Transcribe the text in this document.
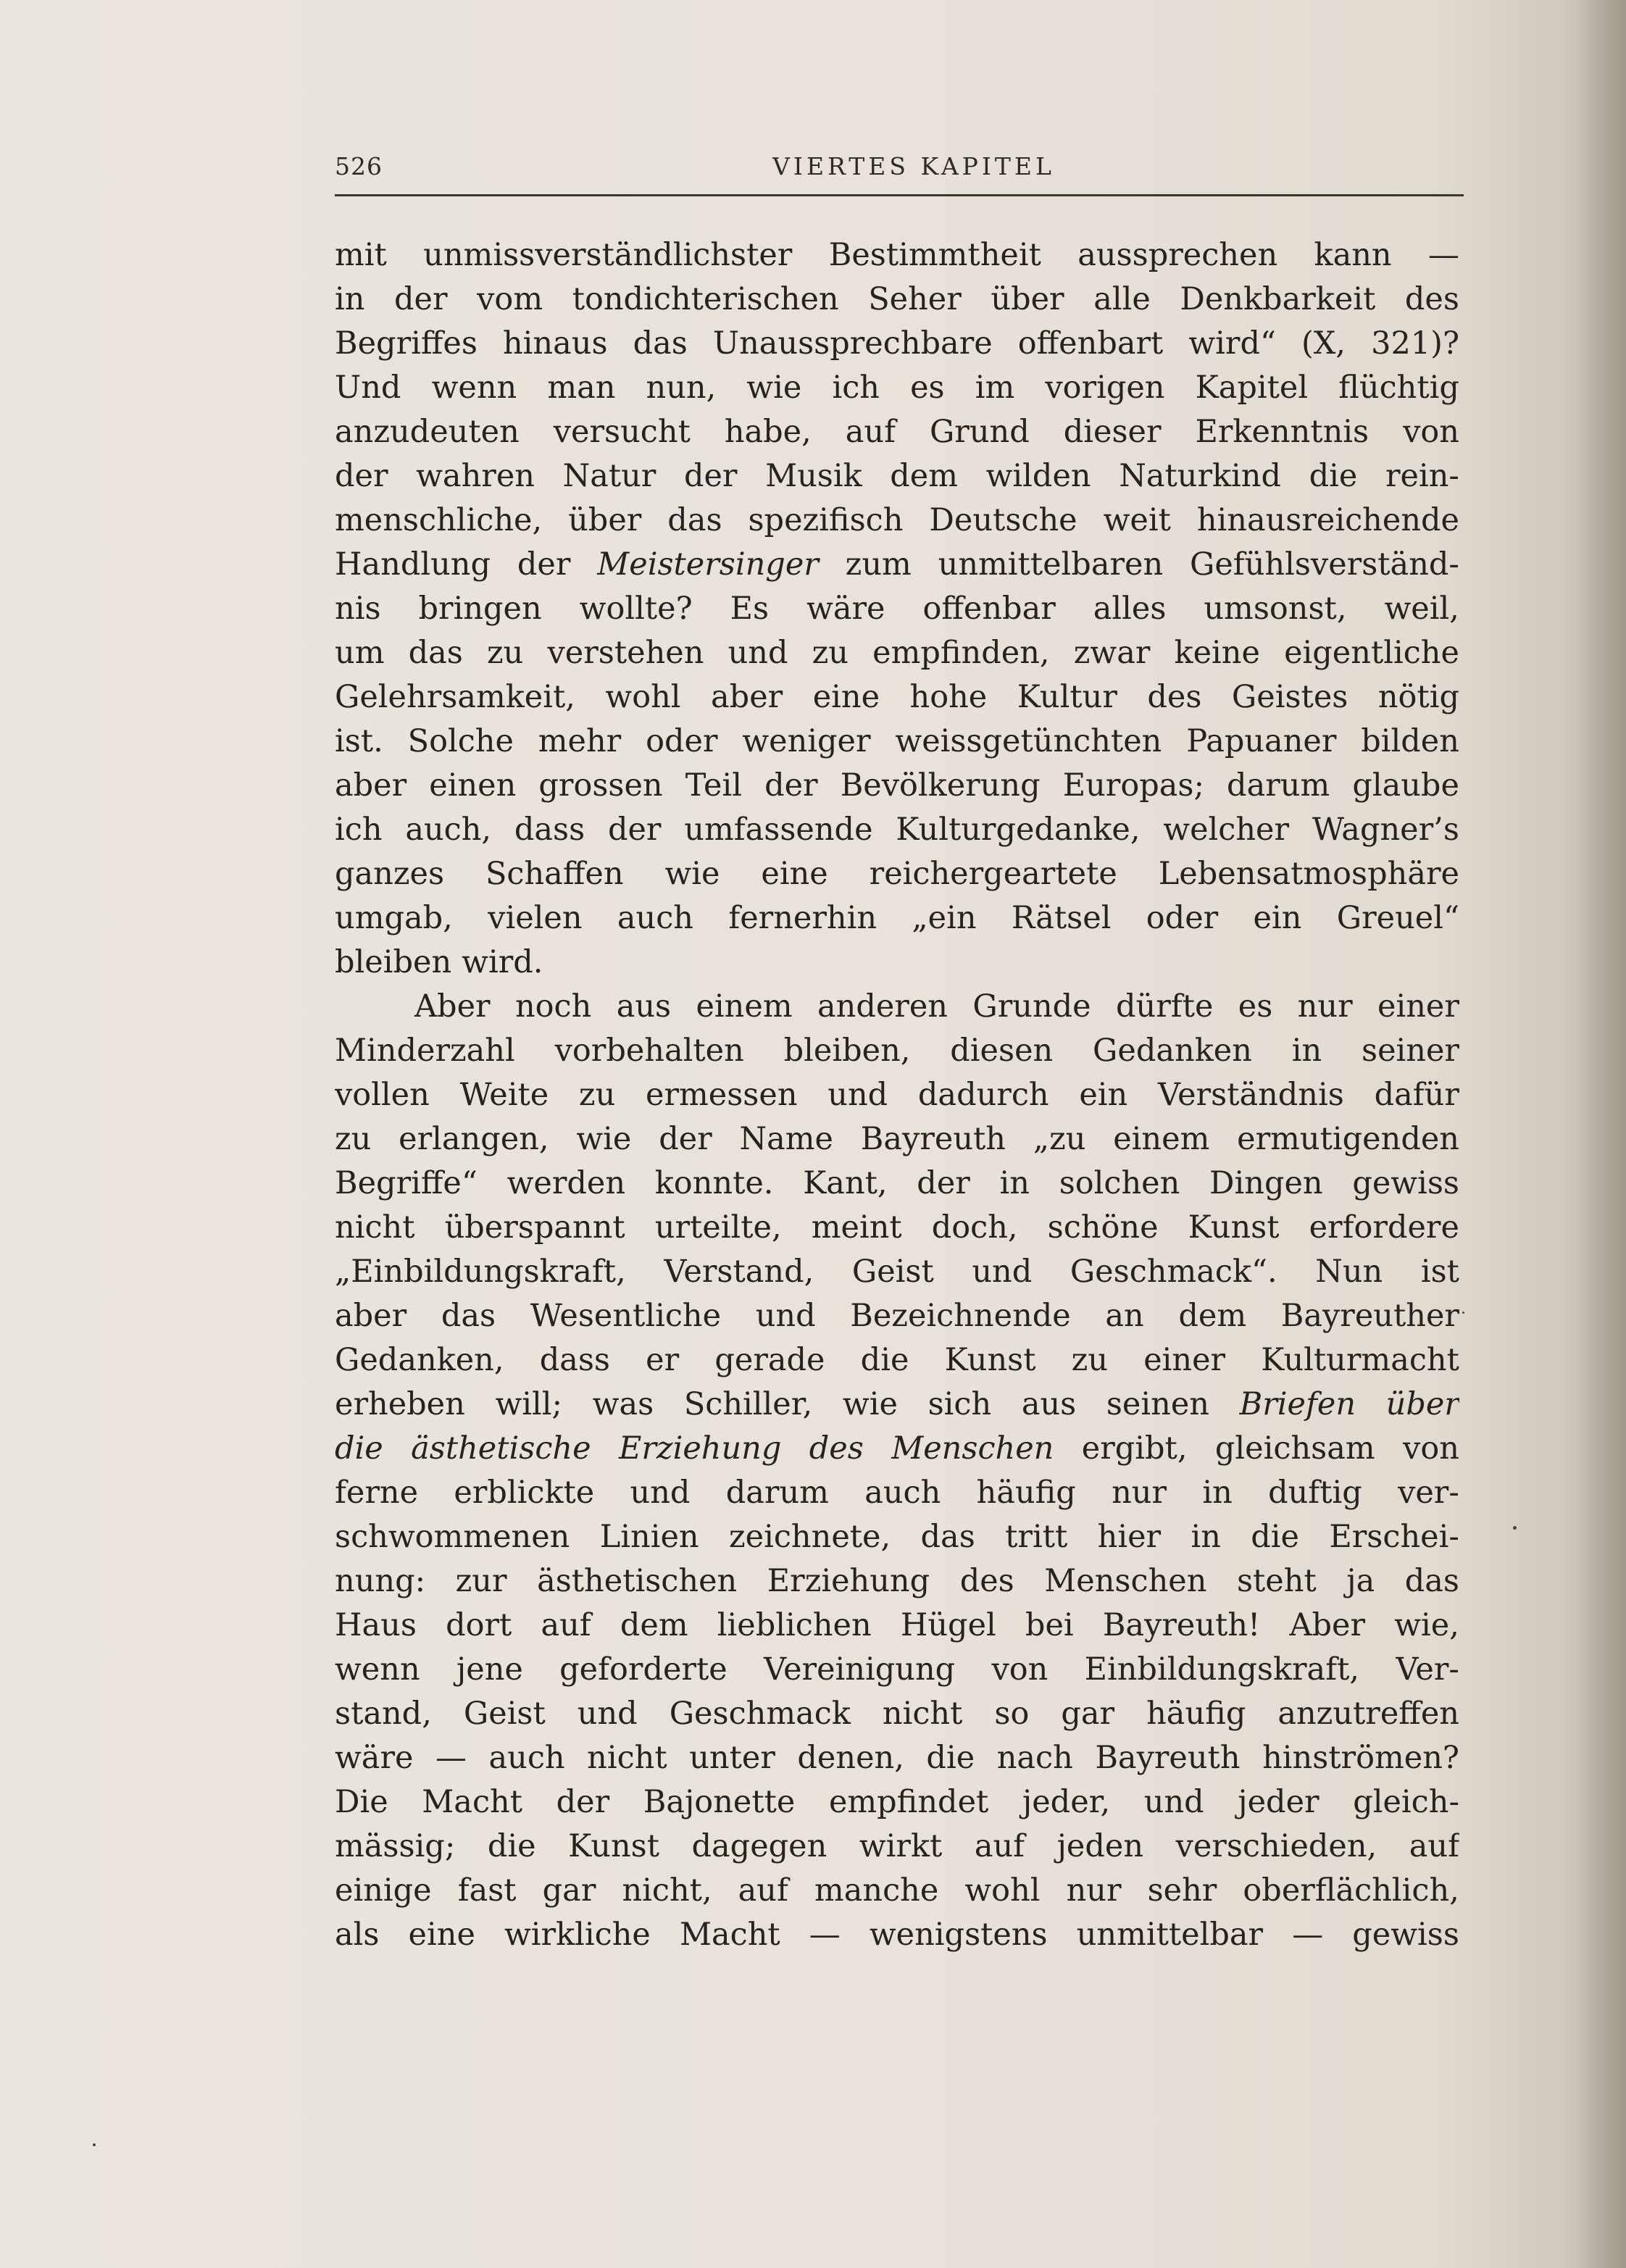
526	VIERTES KAPITEL
mit unmissverständlichster Bestimmtheit aussprechen kann —
in der vom tondichterischen Seher über alle Denkbarkeit des
Begriffes hinaus das Unaussprechbare offenbart wird“ (X, 321)?
Und wenn man nun, wie ich es im vorigen Kapitel flüchtig
anzudeuten versucht habe, auf Grund dieser Erkenntnis von
der wahren Natur der Musik dem wilden Naturkind die rein-
menschliche, über das spezifisch Deutsche weit hinausreichende
Handlung der Meistersinger zum unmittelbaren Gefühlsverständ-
nis bringen wollte? Es wäre offenbar alles umsonst, weil,
um das zu verstehen und zu empfinden, zwar keine eigentliche
Gelehrsamkeit, wohl aber eine hohe Kultur des Geistes nötig
ist. Solche mehr oder weniger weissgetünchten Papuaner bilden
aber einen grossen Teil der Bevölkerung Europas; darum glaube
ich auch, dass der umfassende Kulturgedanke, welcher Wagner’s
ganzes Schaffen wie eine reichergeartete Lebensatmosphäre
umgab, vielen auch fernerhin „ein Rätsel oder ein Greuel“
bleiben wird.
Aber noch aus einem anderen Grunde dürfte es nur einer
Minderzahl vorbehalten bleiben, diesen Gedanken in seiner
vollen Weite zu ermessen und dadurch ein Verständnis dafür
zu erlangen, wie der Name Bayreuth „zu einem ermutigenden
Begriffe“ werden konnte. Kant, der in solchen Dingen gewiss
nicht überspannt urteilte, meint doch, schöne Kunst erfordere
„Einbildungskraft, Verstand, Geist und Geschmack“. Nun ist
aber das Wesentliche und Bezeichnende an dem Bayreuther
Gedanken, dass er gerade die Kunst zu einer Kulturmacht
erheben will; was Schiller, wie sich aus seinen Briefen über
die ästhetische Erziehung des Menschen ergibt, gleichsam von
ferne erblickte und darum auch häufig nur in duftig ver-
schwommenen Linien zeichnete, das tritt hier in die Erschei-
nung: zur ästhetischen Erziehung des Menschen steht ja das
Haus dort auf dem lieblichen Hügel bei Bayreuth! Aber wie,
wenn jene geforderte Vereinigung von Einbildungskraft, Ver-
stand, Geist und Geschmack nicht so gar häufig anzutreffen
wäre — auch nicht unter denen, die nach Bayreuth hinströmen?
Die Macht der Bajonette empfindet jeder, und jeder gleich-
mässig; die Kunst dagegen wirkt auf jeden verschieden, auf
einige fast gar nicht, auf manche wohl nur sehr oberflächlich,
als eine wirkliche Macht — wenigstens unmittelbar — gewiss
